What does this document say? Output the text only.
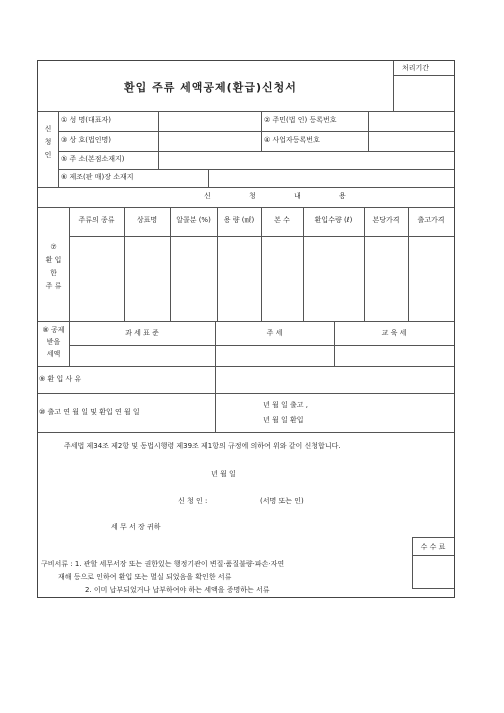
처리기간
환입 주류 세액공제(환급)신청서
신
청
인
① 성 명(대표자)	② 주민(법 인) 등록번호
③ 상 호(법인명)	④ 사업자등록번호
⑤ 주 소(본점소재지)
⑥ 제조(판 매)장 소재지
신	청	내	용
⑦
환 입
한
주 류
주류의 종류	상표명	알콜분 (%)	용 량 (㎖)	본 수	환입수량 (ℓ)	본당가격	출고가격
⑧ 공제
받을
세액
과 세 표 준	주 세	교 육 세
⑨ 환 입 사 유
⑩ 출고 연 월 일 및 환입 연 월 일
년 월 일 출고 ,
년 월 일 환입
주세법 제34조 제2항 및 동법시행령 제39조 제1항의 규정에 의하여 위와 같이 신청합니다.
년 월 일
신 청 인 :	(서명 또는 인)
세 무 서 장 귀하
수 수 료
구비서류 : 1. 관할 세무서장 또는 권한있는 행정기관이 변질·품질불량·파손·자연
재해 등으로 인하여 환입 또는 멸실 되었음을 확인한 서류
2. 이미 납부되었거나 납부하여야 하는 세액을 증명하는 서류
